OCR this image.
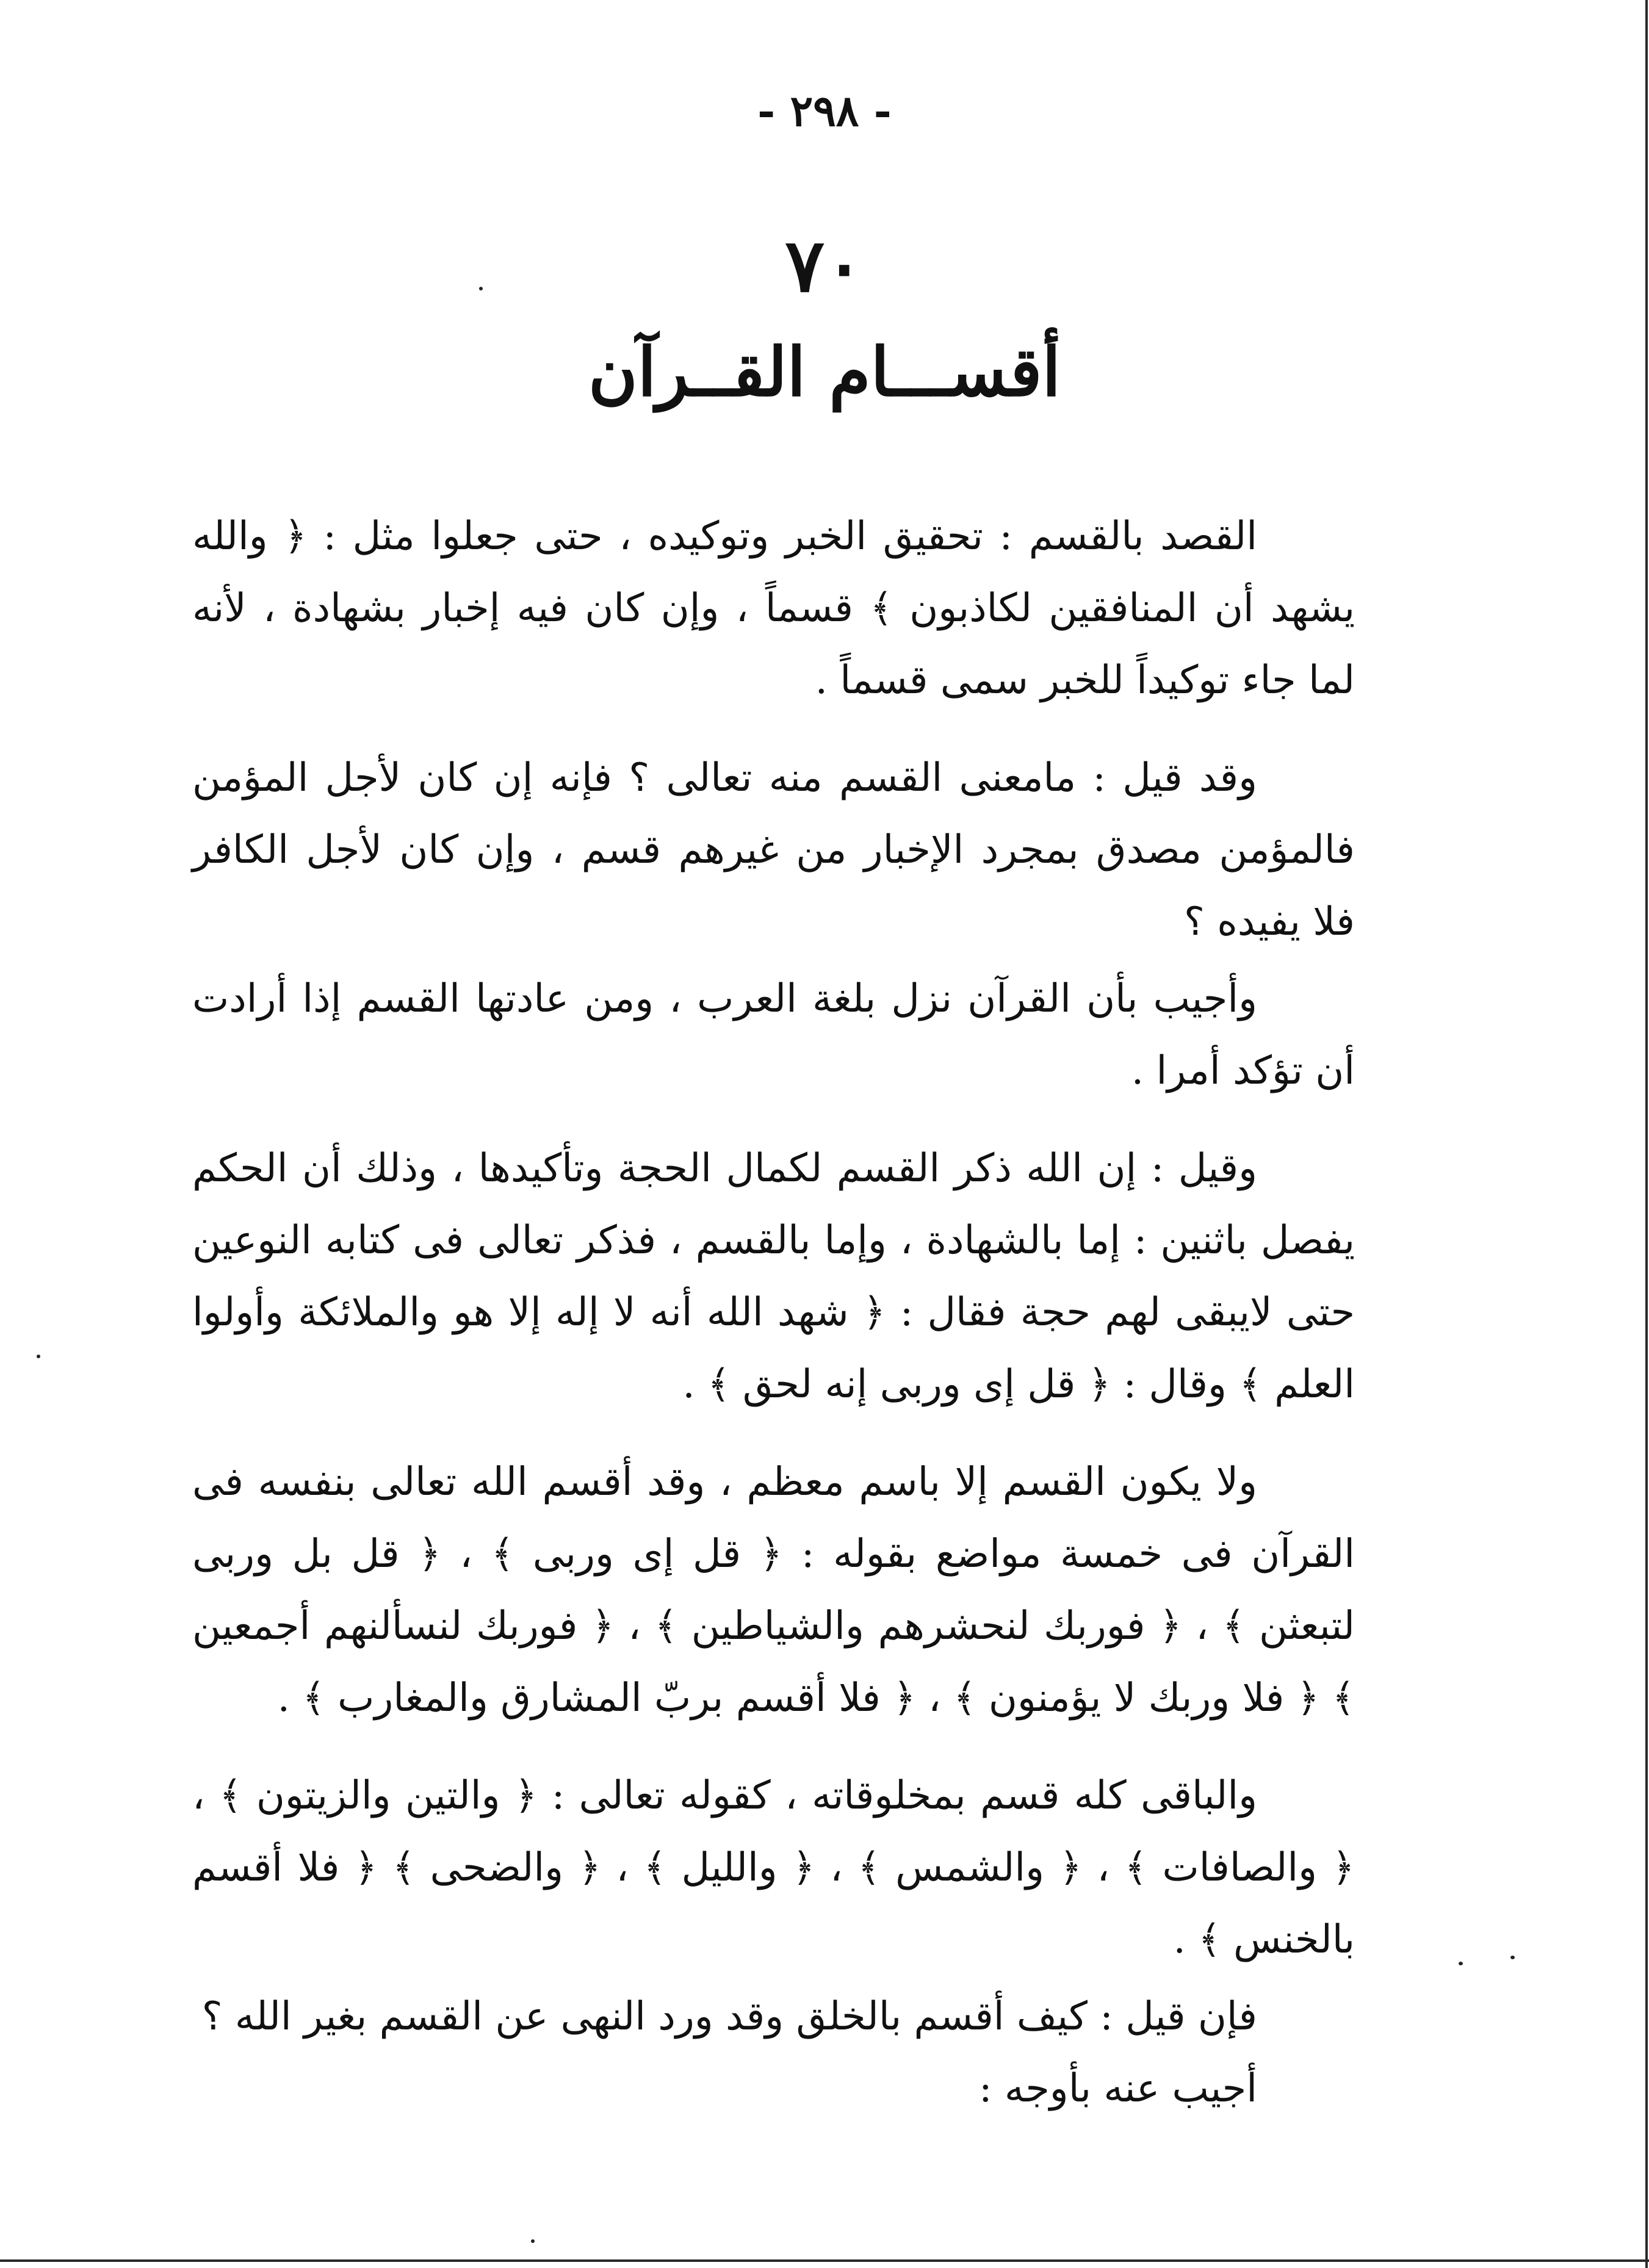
- ٢٩٨ -
٧٠
أقســـام القــرآن

القصد بالقسم : تحقيق الخبر وتوكيده ، حتى جعلوا مثل : ﴿ والله يشهد أن المنافقين لكاذبون ﴾ قسماً ، وإن كان فيه إخبار بشهادة ، لأنه لما جاء توكيداً للخبر سمى قسماً .

وقد قيل : مامعنى القسم منه تعالى ؟ فإنه إن كان لأجل المؤمن فالمؤمن مصدق بمجرد الإخبار من غيرهم قسم ، وإن كان لأجل الكافر فلا يفيده ؟

وأجيب بأن القرآن نزل بلغة العرب ، ومن عادتها القسم إذا أرادت أن تؤكد أمرا .

وقيل : إن الله ذكر القسم لكمال الحجة وتأكيدها ، وذلك أن الحكم يفصل باثنين : إما بالشهادة ، وإما بالقسم ، فذكر تعالى فى كتابه النوعين حتى لايبقى لهم حجة فقال : ﴿ شهد الله أنه لا إله إلا هو والملائكة وأولوا العلم ﴾ وقال : ﴿ قل إى وربى إنه لحق ﴾ .

ولا يكون القسم إلا باسم معظم ، وقد أقسم الله تعالى بنفسه فى القرآن فى خمسة مواضع بقوله : ﴿ قل إى وربى ﴾ ، ﴿ قل بل وربى لتبعثن ﴾ ، ﴿ فوربك لنحشرهم والشياطين ﴾ ، ﴿ فوربك لنسألنهم أجمعين ﴾ ﴿ فلا وربك لا يؤمنون ﴾ ، ﴿ فلا أقسم بربّ المشارق والمغارب ﴾ .

والباقى كله قسم بمخلوقاته ، كقوله تعالى : ﴿ والتين والزيتون ﴾ ، ﴿ والصافات ﴾ ، ﴿ والشمس ﴾ ، ﴿ والليل ﴾ ، ﴿ والضحى ﴾ ﴿ فلا أقسم بالخنس ﴾ .

فإن قيل : كيف أقسم بالخلق وقد ورد النهى عن القسم بغير الله ؟

أجيب عنه بأوجه :
